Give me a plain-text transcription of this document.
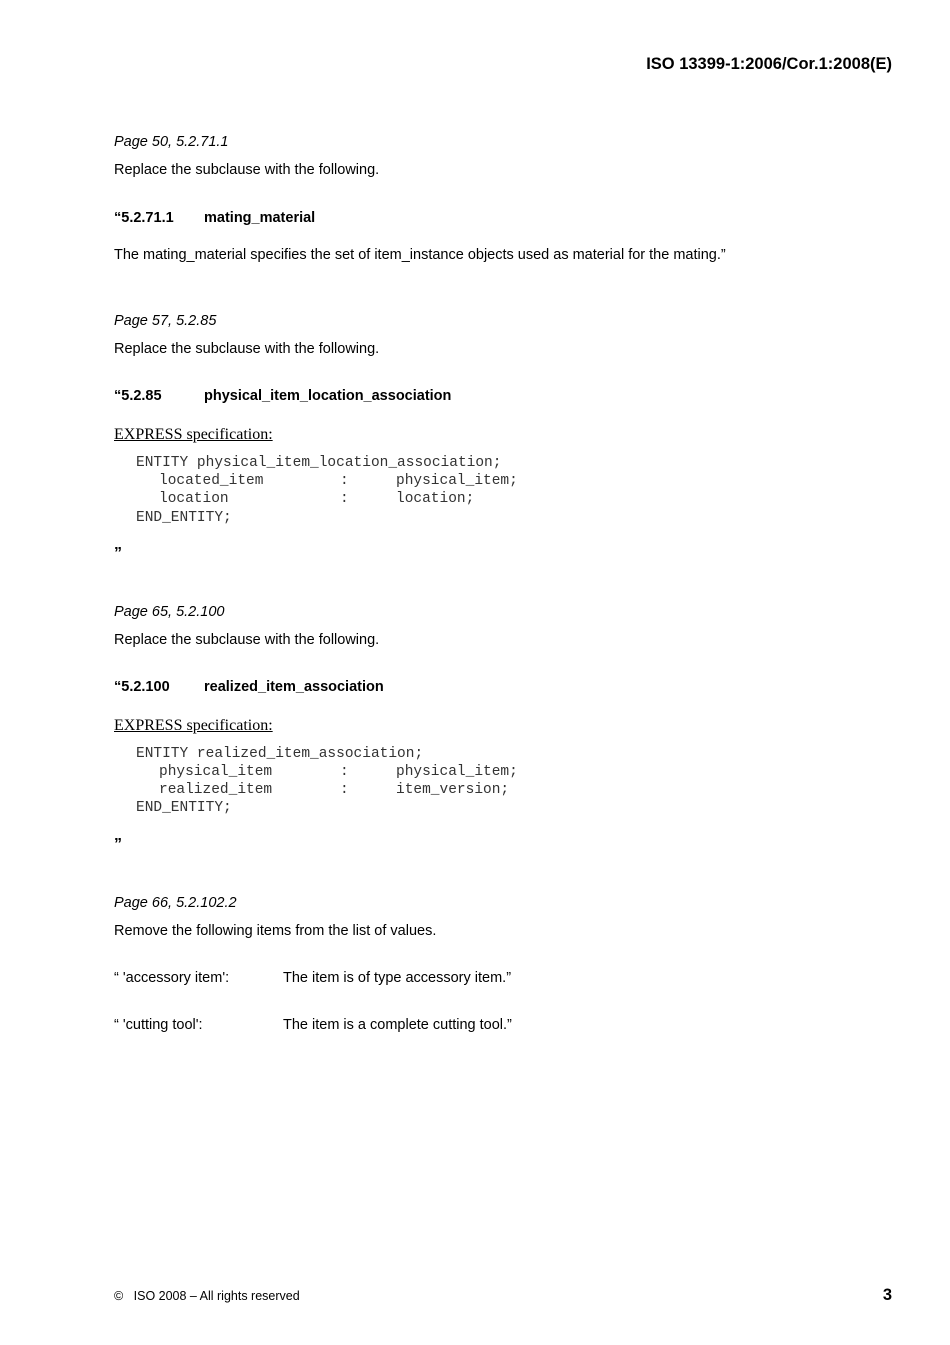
ISO 13399-1:2006/Cor.1:2008(E)
Page 50, 5.2.71.1
Replace the subclause with the following.
“5.2.71.1 mating_material
The mating_material specifies the set of item_instance objects used as material for the mating.”
Page 57, 5.2.85
Replace the subclause with the following.
“5.2.85	physical_item_location_association
EXPRESS specification:
ENTITY physical_item_location_association;
located_item	:	physical_item;
location	:	location;
END_ENTITY;
”
Page 65, 5.2.100
Replace the subclause with the following.
“5.2.100 realized_item_association
EXPRESS specification:
ENTITY realized_item_association;
physical_item	:	physical_item;
realized_item	:	item_version;
END_ENTITY;
”
Page 66, 5.2.102.2
Remove the following items from the list of values.
“ 'accessory item':	The item is of type accessory item.”
“ 'cutting tool':	The item is a complete cutting tool.”
©   ISO 2008 – All rights reserved	3
